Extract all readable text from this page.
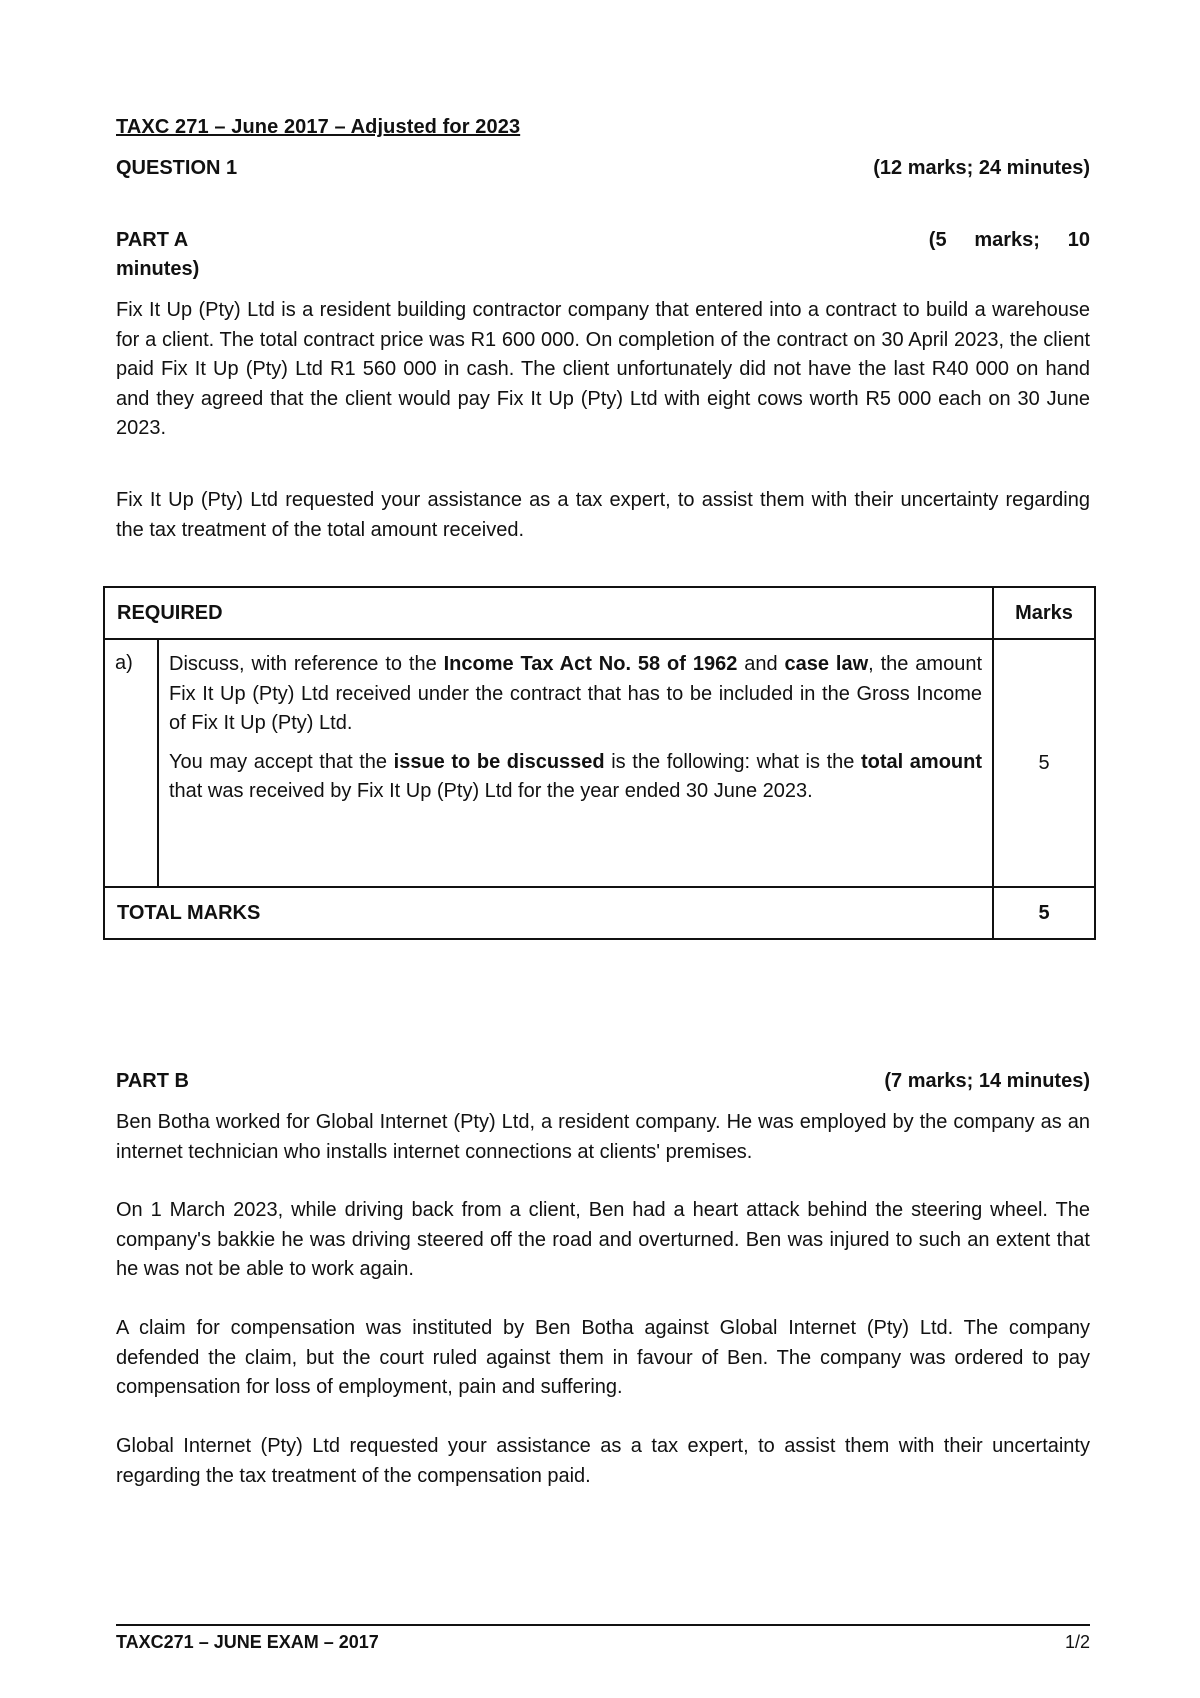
TAXC 271 – June 2017 – Adjusted for 2023
QUESTION 1	(12 marks; 24 minutes)
PART A	(5     marks;     10
minutes)

Fix It Up (Pty) Ltd is a resident building contractor company that entered into a contract to build a warehouse for a client. The total contract price was R1 600 000. On completion of the contract on 30 April 2023, the client paid Fix It Up (Pty) Ltd R1 560 000 in cash. The client unfortunately did not have the last R40 000 on hand and they agreed that the client would pay Fix It Up (Pty) Ltd with eight cows worth R5 000 each on 30 June 2023.

Fix It Up (Pty) Ltd requested your assistance as a tax expert, to assist them with their uncertainty regarding the tax treatment of the total amount received.

REQUIRED		Marks
a)	Discuss, with reference to the Income Tax Act No. 58 of 1962 and case law, the amount Fix It Up (Pty) Ltd received under the contract that has to be included in the Gross Income of Fix It Up (Pty) Ltd.

You may accept that the issue to be discussed is the following: what is the total amount that was received by Fix It Up (Pty) Ltd for the year ended 30 June 2023.	5
TOTAL MARKS		5
PART B	(7 marks; 14 minutes)

Ben Botha worked for Global Internet (Pty) Ltd, a resident company. He was employed by the company as an internet technician who installs internet connections at clients' premises.

On 1 March 2023, while driving back from a client, Ben had a heart attack behind the steering wheel. The company's bakkie he was driving steered off the road and overturned. Ben was injured to such an extent that he was not be able to work again.

A claim for compensation was instituted by Ben Botha against Global Internet (Pty) Ltd. The company defended the claim, but the court ruled against them in favour of Ben. The company was ordered to pay compensation for loss of employment, pain and suffering.

Global Internet (Pty) Ltd requested your assistance as a tax expert, to assist them with their uncertainty regarding the tax treatment of the compensation paid.

TAXC271 – JUNE EXAM – 2017	1/2
